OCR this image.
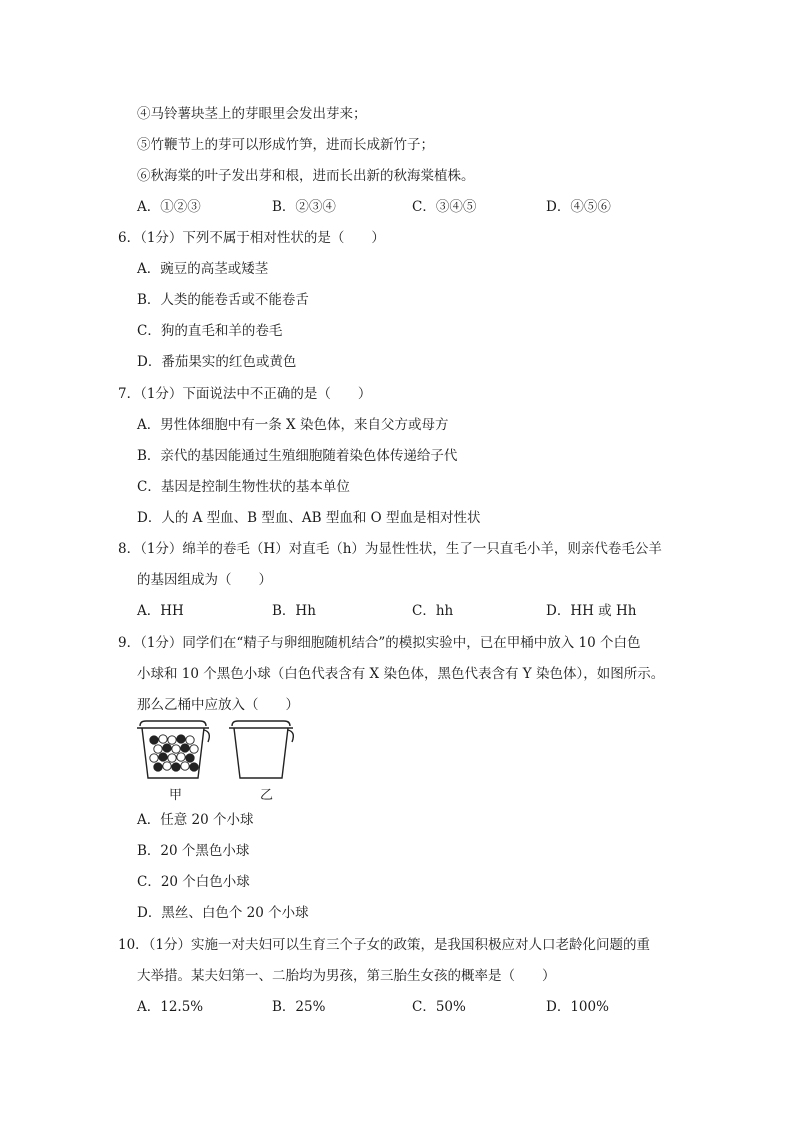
④马铃薯块茎上的芽眼里会发出芽来；
⑤竹鞭节上的芽可以形成竹笋，进而长成新竹子；
⑥秋海棠的叶子发出芽和根，进而长出新的秋海棠植株。
A．①②③	B．②③④	C．③④⑤	D．④⑤⑥
6．（1分）下列不属于相对性状的是（　　）
A．豌豆的高茎或矮茎
B．人类的能卷舌或不能卷舌
C．狗的直毛和羊的卷毛
D．番茄果实的红色或黄色
7．（1分）下面说法中不正确的是（　　）
A．男性体细胞中有一条 X 染色体，来自父方或母方
B．亲代的基因能通过生殖细胞随着染色体传递给子代
C．基因是控制生物性状的基本单位
D．人的 A 型血、B 型血、AB 型血和 O 型血是相对性状
8．（1分）绵羊的卷毛（H）对直毛（h）为显性性状，生了一只直毛小羊，则亲代卷毛公羊
的基因组成为（　　）
A．HH	B．Hh	C．hh	D．HH 或 Hh
9．（1分）同学们在“精子与卵细胞随机结合”的模拟实验中，已在甲桶中放入 10 个白色
小球和 10 个黑色小球（白色代表含有 X 染色体，黑色代表含有 Y 染色体），如图所示。
那么乙桶中应放入（　　）
甲	乙
A．任意 20 个小球
B．20 个黑色小球
C．20 个白色小球
D．黑丝、白色个 20 个小球
10．（1分）实施一对夫妇可以生育三个子女的政策，是我国积极应对人口老龄化问题的重
大举措。某夫妇第一、二胎均为男孩，第三胎生女孩的概率是（　　）
A．12.5%	B．25%	C．50%	D．100%
